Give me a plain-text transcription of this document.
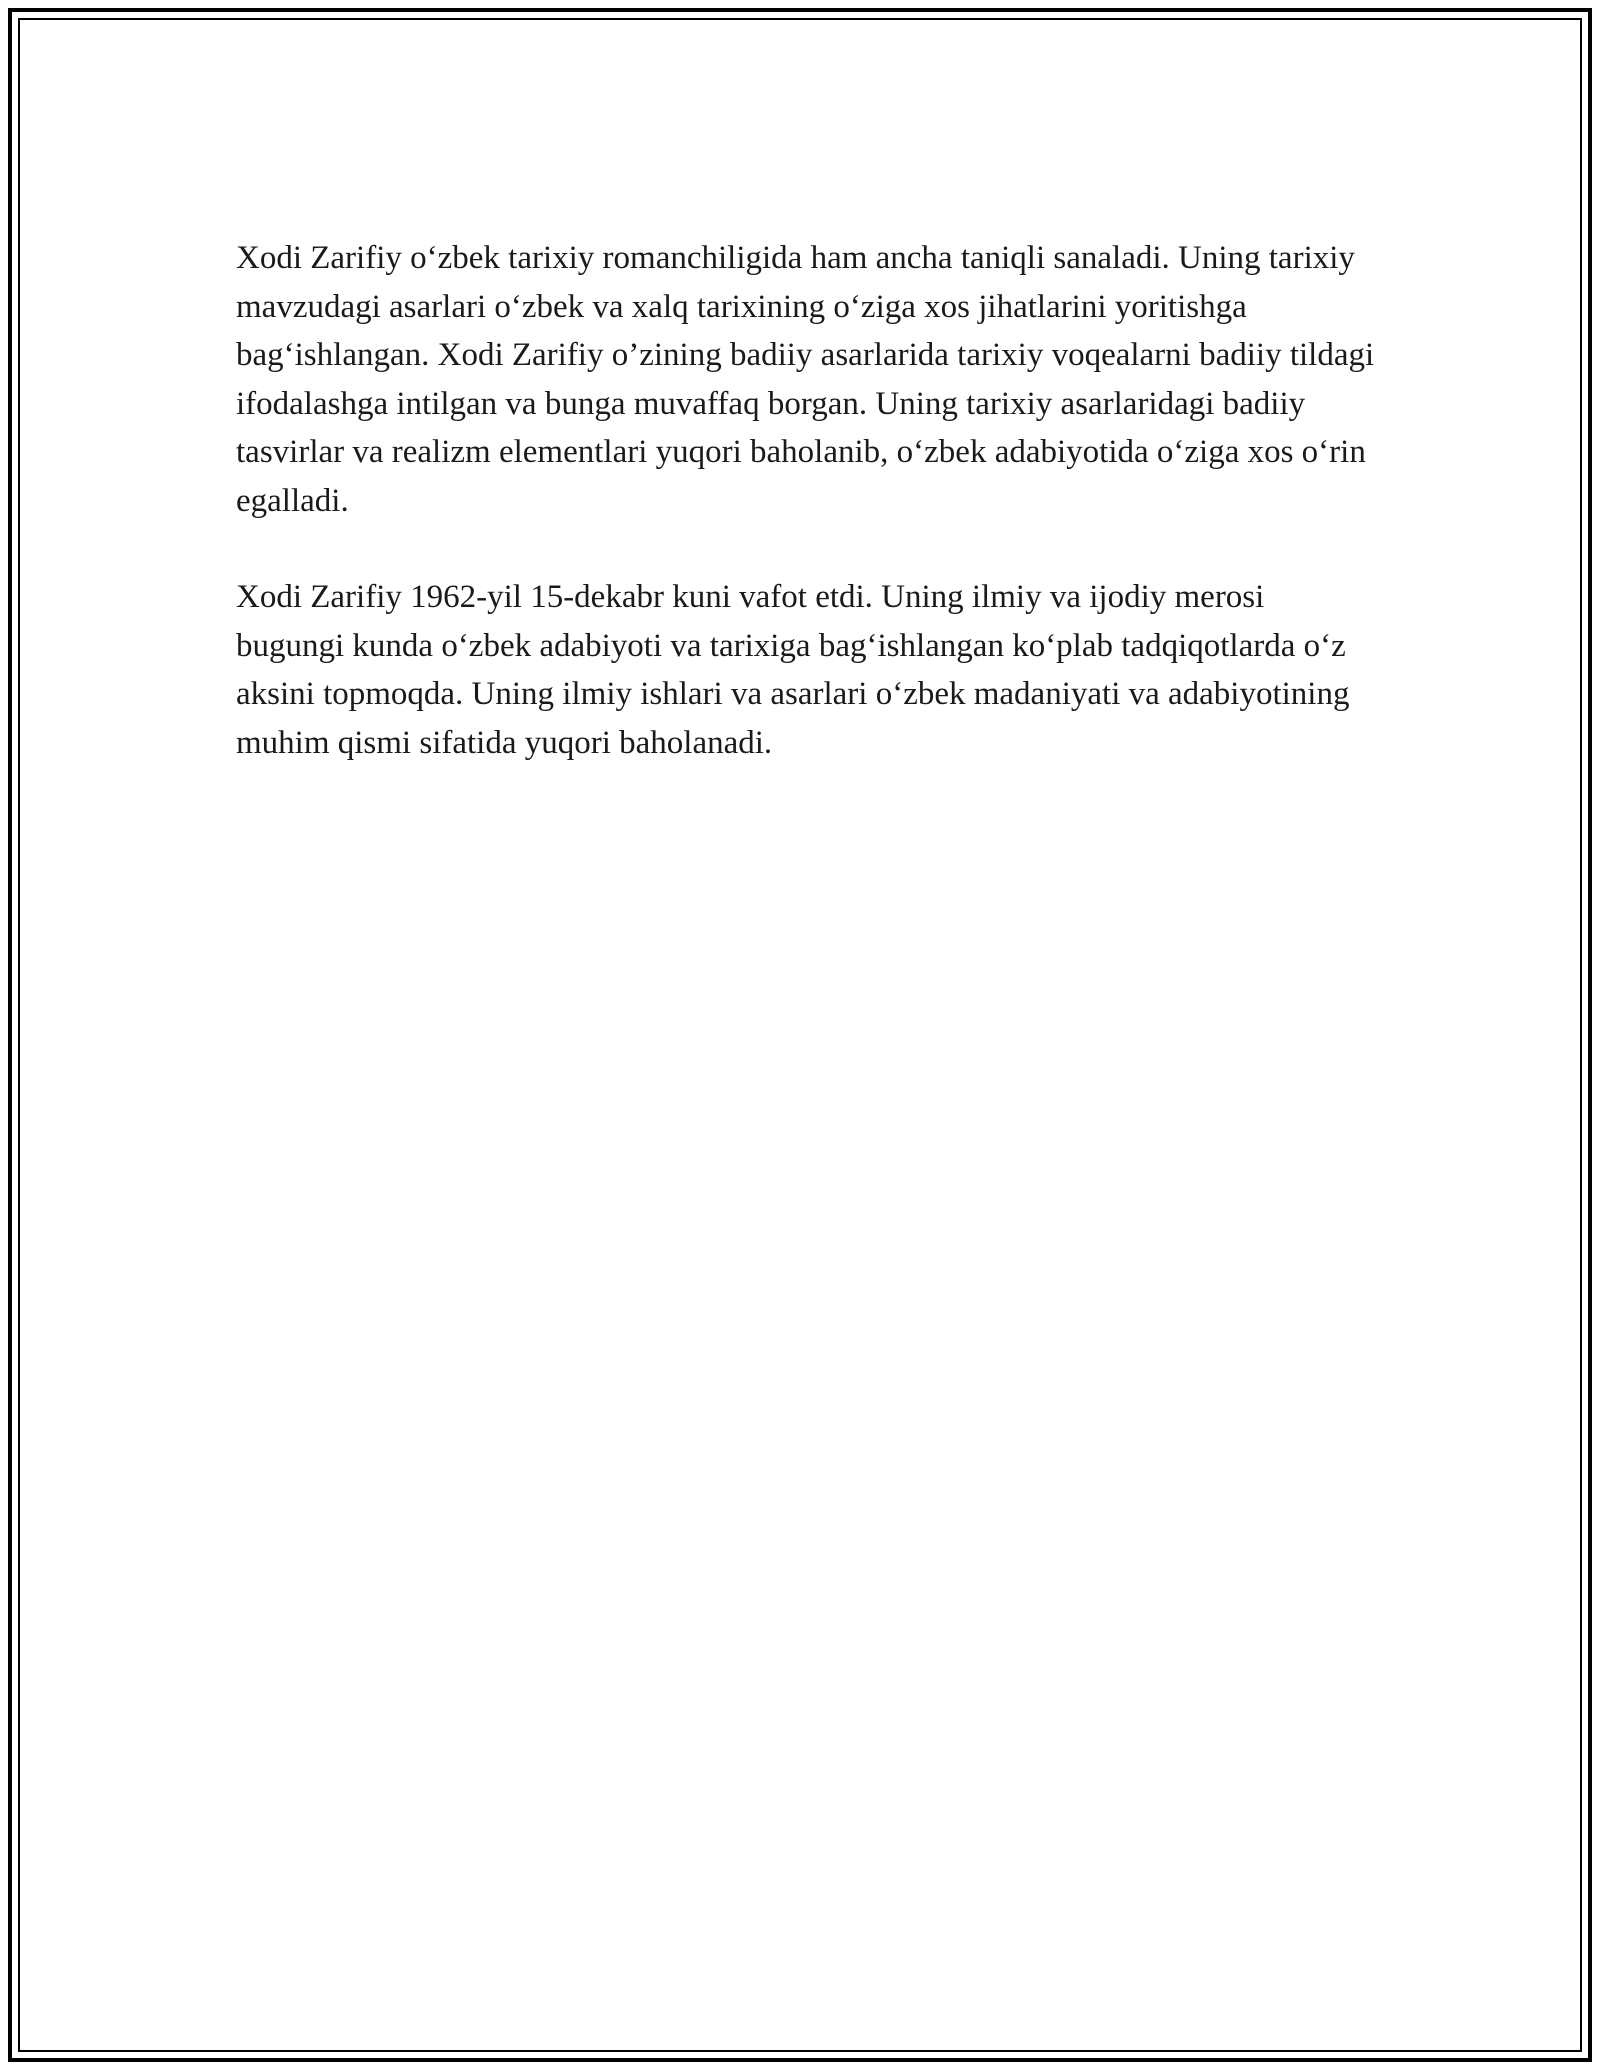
Xodi Zarifiy o‘zbek tarixiy romanchiligida ham ancha taniqli sanaladi. Uning tarixiy mavzudagi asarlari o‘zbek va xalq tarixining o‘ziga xos jihatlarini yoritishga bag‘ishlangan. Xodi Zarifiy o’zining badiiy asarlarida tarixiy voqealarni badiiy tildagi ifodalashga intilgan va bunga muvaffaq borgan. Uning tarixiy asarlaridagi badiiy tasvirlar va realizm elementlari yuqori baholanib, o‘zbek adabiyotida o‘ziga xos o‘rin egalladi.

Xodi Zarifiy 1962-yil 15-dekabr kuni vafot etdi. Uning ilmiy va ijodiy merosi bugungi kunda o‘zbek adabiyoti va tarixiga bag‘ishlangan ko‘plab tadqiqotlarda o‘z aksini topmoqda. Uning ilmiy ishlari va asarlari o‘zbek madaniyati va adabiyotining muhim qismi sifatida yuqori baholanadi.
